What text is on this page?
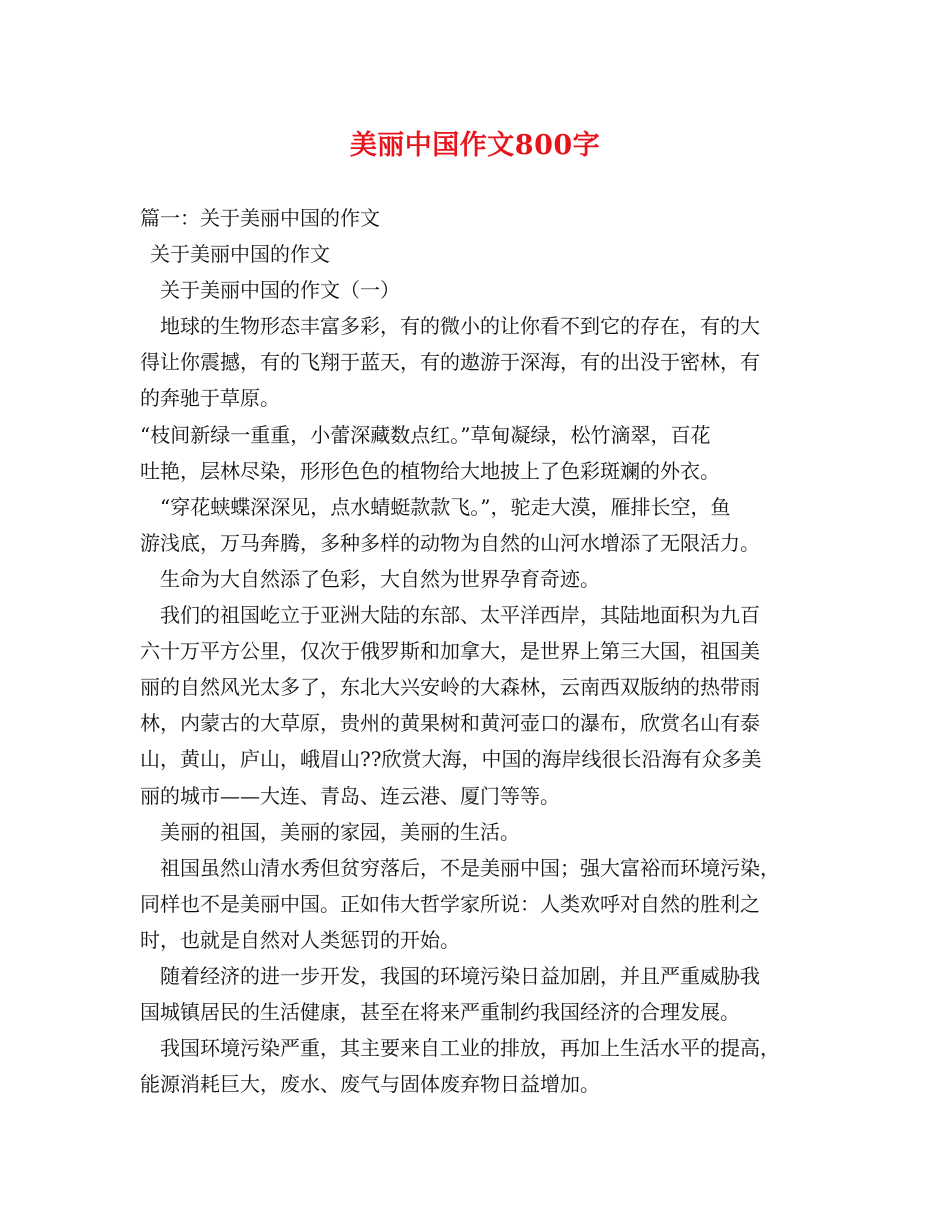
美丽中国作文800字
篇一：关于美丽中国的作文
关于美丽中国的作文
关于美丽中国的作文（一）
地球的生物形态丰富多彩，有的微小的让你看不到它的存在，有的大
得让你震撼，有的飞翔于蓝天，有的遨游于深海，有的出没于密林，有
的奔驰于草原。
“枝间新绿一重重，小蕾深藏数点红。”草甸凝绿，松竹滴翠，百花
吐艳，层林尽染，形形色色的植物给大地披上了色彩斑斓的外衣。
“穿花蛱蝶深深见，点水蜻蜓款款飞。”，驼走大漠，雁排长空，鱼
游浅底，万马奔腾，多种多样的动物为自然的山河水增添了无限活力。
生命为大自然添了色彩，大自然为世界孕育奇迹。
我们的祖国屹立于亚洲大陆的东部、太平洋西岸，其陆地面积为九百
六十万平方公里，仅次于俄罗斯和加拿大，是世界上第三大国，祖国美
丽的自然风光太多了，东北大兴安岭的大森林，云南西双版纳的热带雨
林，内蒙古的大草原，贵州的黄果树和黄河壶口的瀑布，欣赏名山有泰
山，黄山，庐山，峨眉山??欣赏大海，中国的海岸线很长沿海有众多美
丽的城市——大连、青岛、连云港、厦门等等。
美丽的祖国，美丽的家园，美丽的生活。
祖国虽然山清水秀但贫穷落后，不是美丽中国；强大富裕而环境污染，
同样也不是美丽中国。正如伟大哲学家所说：人类欢呼对自然的胜利之
时，也就是自然对人类惩罚的开始。
随着经济的进一步开发，我国的环境污染日益加剧，并且严重威胁我
国城镇居民的生活健康，甚至在将来严重制约我国经济的合理发展。
我国环境污染严重，其主要来自工业的排放，再加上生活水平的提高，
能源消耗巨大，废水、废气与固体废弃物日益增加。
